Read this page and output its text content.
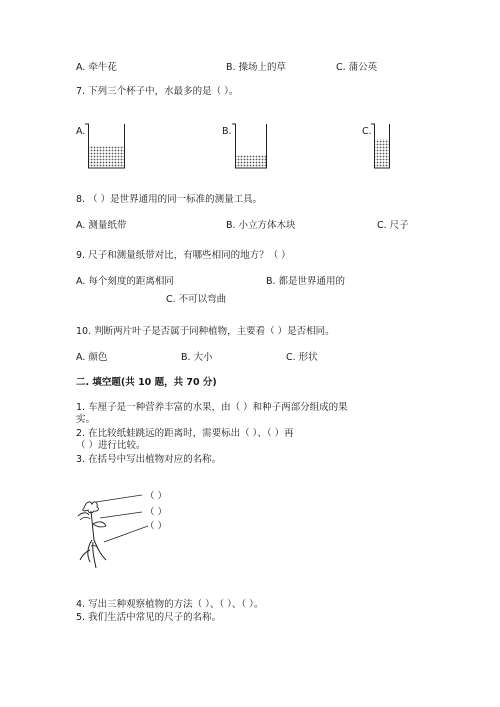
A. 牵牛花	B. 操场上的草	C. 蒲公英
7. 下列三个杯子中，水最多的是（ ）。
A.	B.	C.
8. （ ）是世界通用的同一标准的测量工具。
A. 测量纸带	B. 小立方体木块	C. 尺子
9. 尺子和测量纸带对比，有哪些相同的地方？（ ）
A. 每个刻度的距离相同	B. 都是世界通用的
C. 不可以弯曲
10. 判断两片叶子是否属于同种植物，主要看（ ）是否相同。
A. 颜色	B. 大小	C. 形状
二. 填空题(共 10 题，共 70 分)
1. 车厘子是一种营养丰富的水果，由（ ）和种子两部分组成的果
实。
2. 在比较纸蛙跳远的距离时，需要标出（ ）、（ ）再
（ ）进行比较。
3. 在括号中写出植物对应的名称。
（ ）
（ ）
（ ）
4. 写出三种观察植物的方法（ ）、（ ）、（ ）。
5. 我们生活中常见的尺子的名称。
